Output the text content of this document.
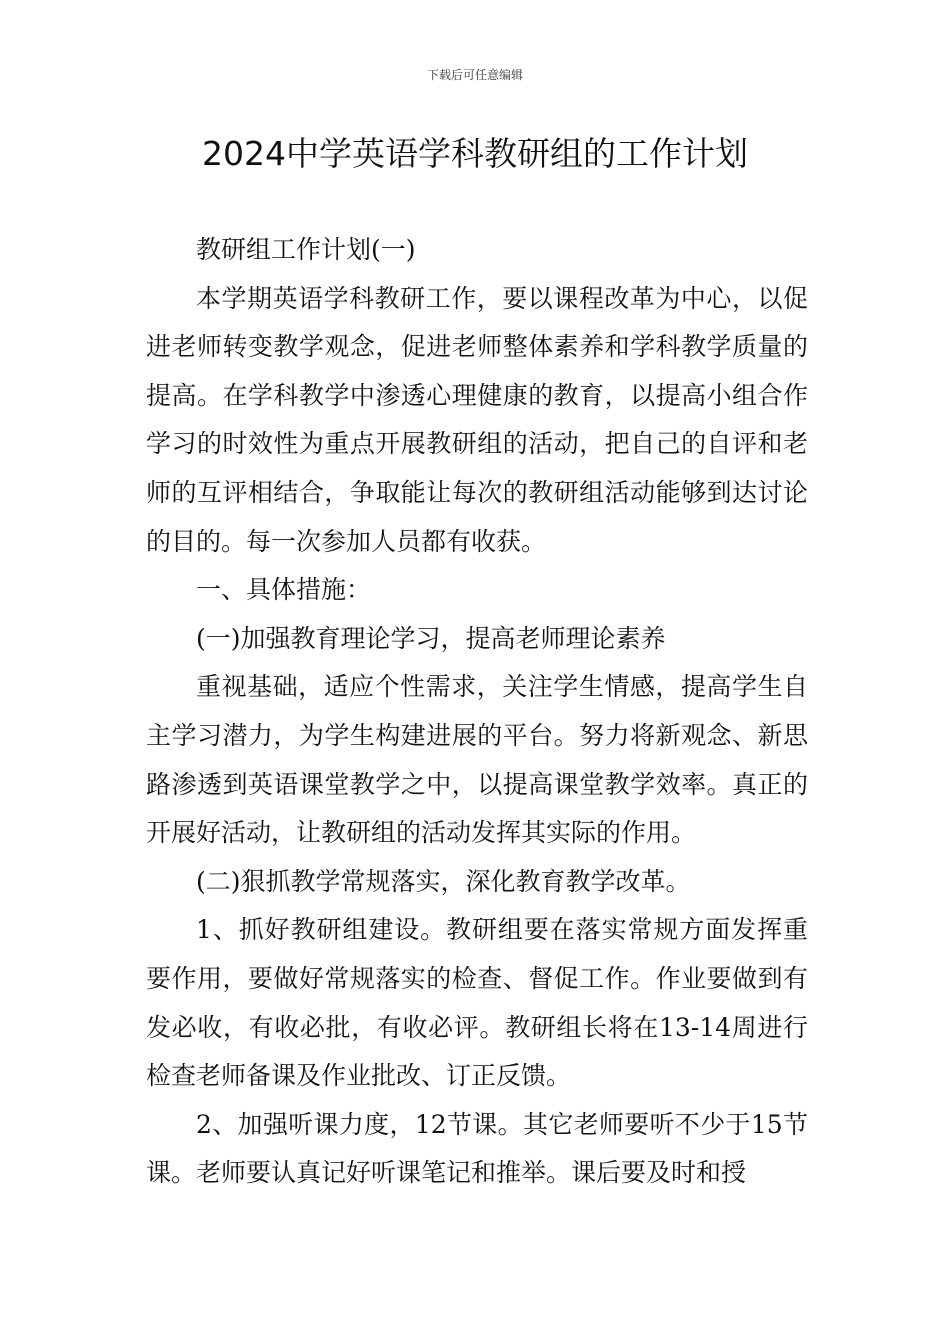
下载后可任意编辑
2024中学英语学科教研组的工作计划

教研组工作计划(一)

本学期英语学科教研工作，要以课程改革为中心，以促进老师转变教学观念，促进老师整体素养和学科教学质量的提高。在学科教学中渗透心理健康的教育，以提高小组合作学习的时效性为重点开展教研组的活动，把自己的自评和老师的互评相结合，争取能让每次的教研组活动能够到达讨论的目的。每一次参加人员都有收获。

一、具体措施：

(一)加强教育理论学习，提高老师理论素养

重视基础，适应个性需求，关注学生情感，提高学生自主学习潜力，为学生构建进展的平台。努力将新观念、新思路渗透到英语课堂教学之中，以提高课堂教学效率。真正的开展好活动，让教研组的活动发挥其实际的作用。

(二)狠抓教学常规落实，深化教育教学改革。

1、抓好教研组建设。教研组要在落实常规方面发挥重要作用，要做好常规落实的检查、督促工作。作业要做到有发必收，有收必批，有收必评。教研组长将在13-14周进行检查老师备课及作业批改、订正反馈。

2、加强听课力度，12节课。其它老师要听不少于15节课。老师要认真记好听课笔记和推举。课后要及时和授
